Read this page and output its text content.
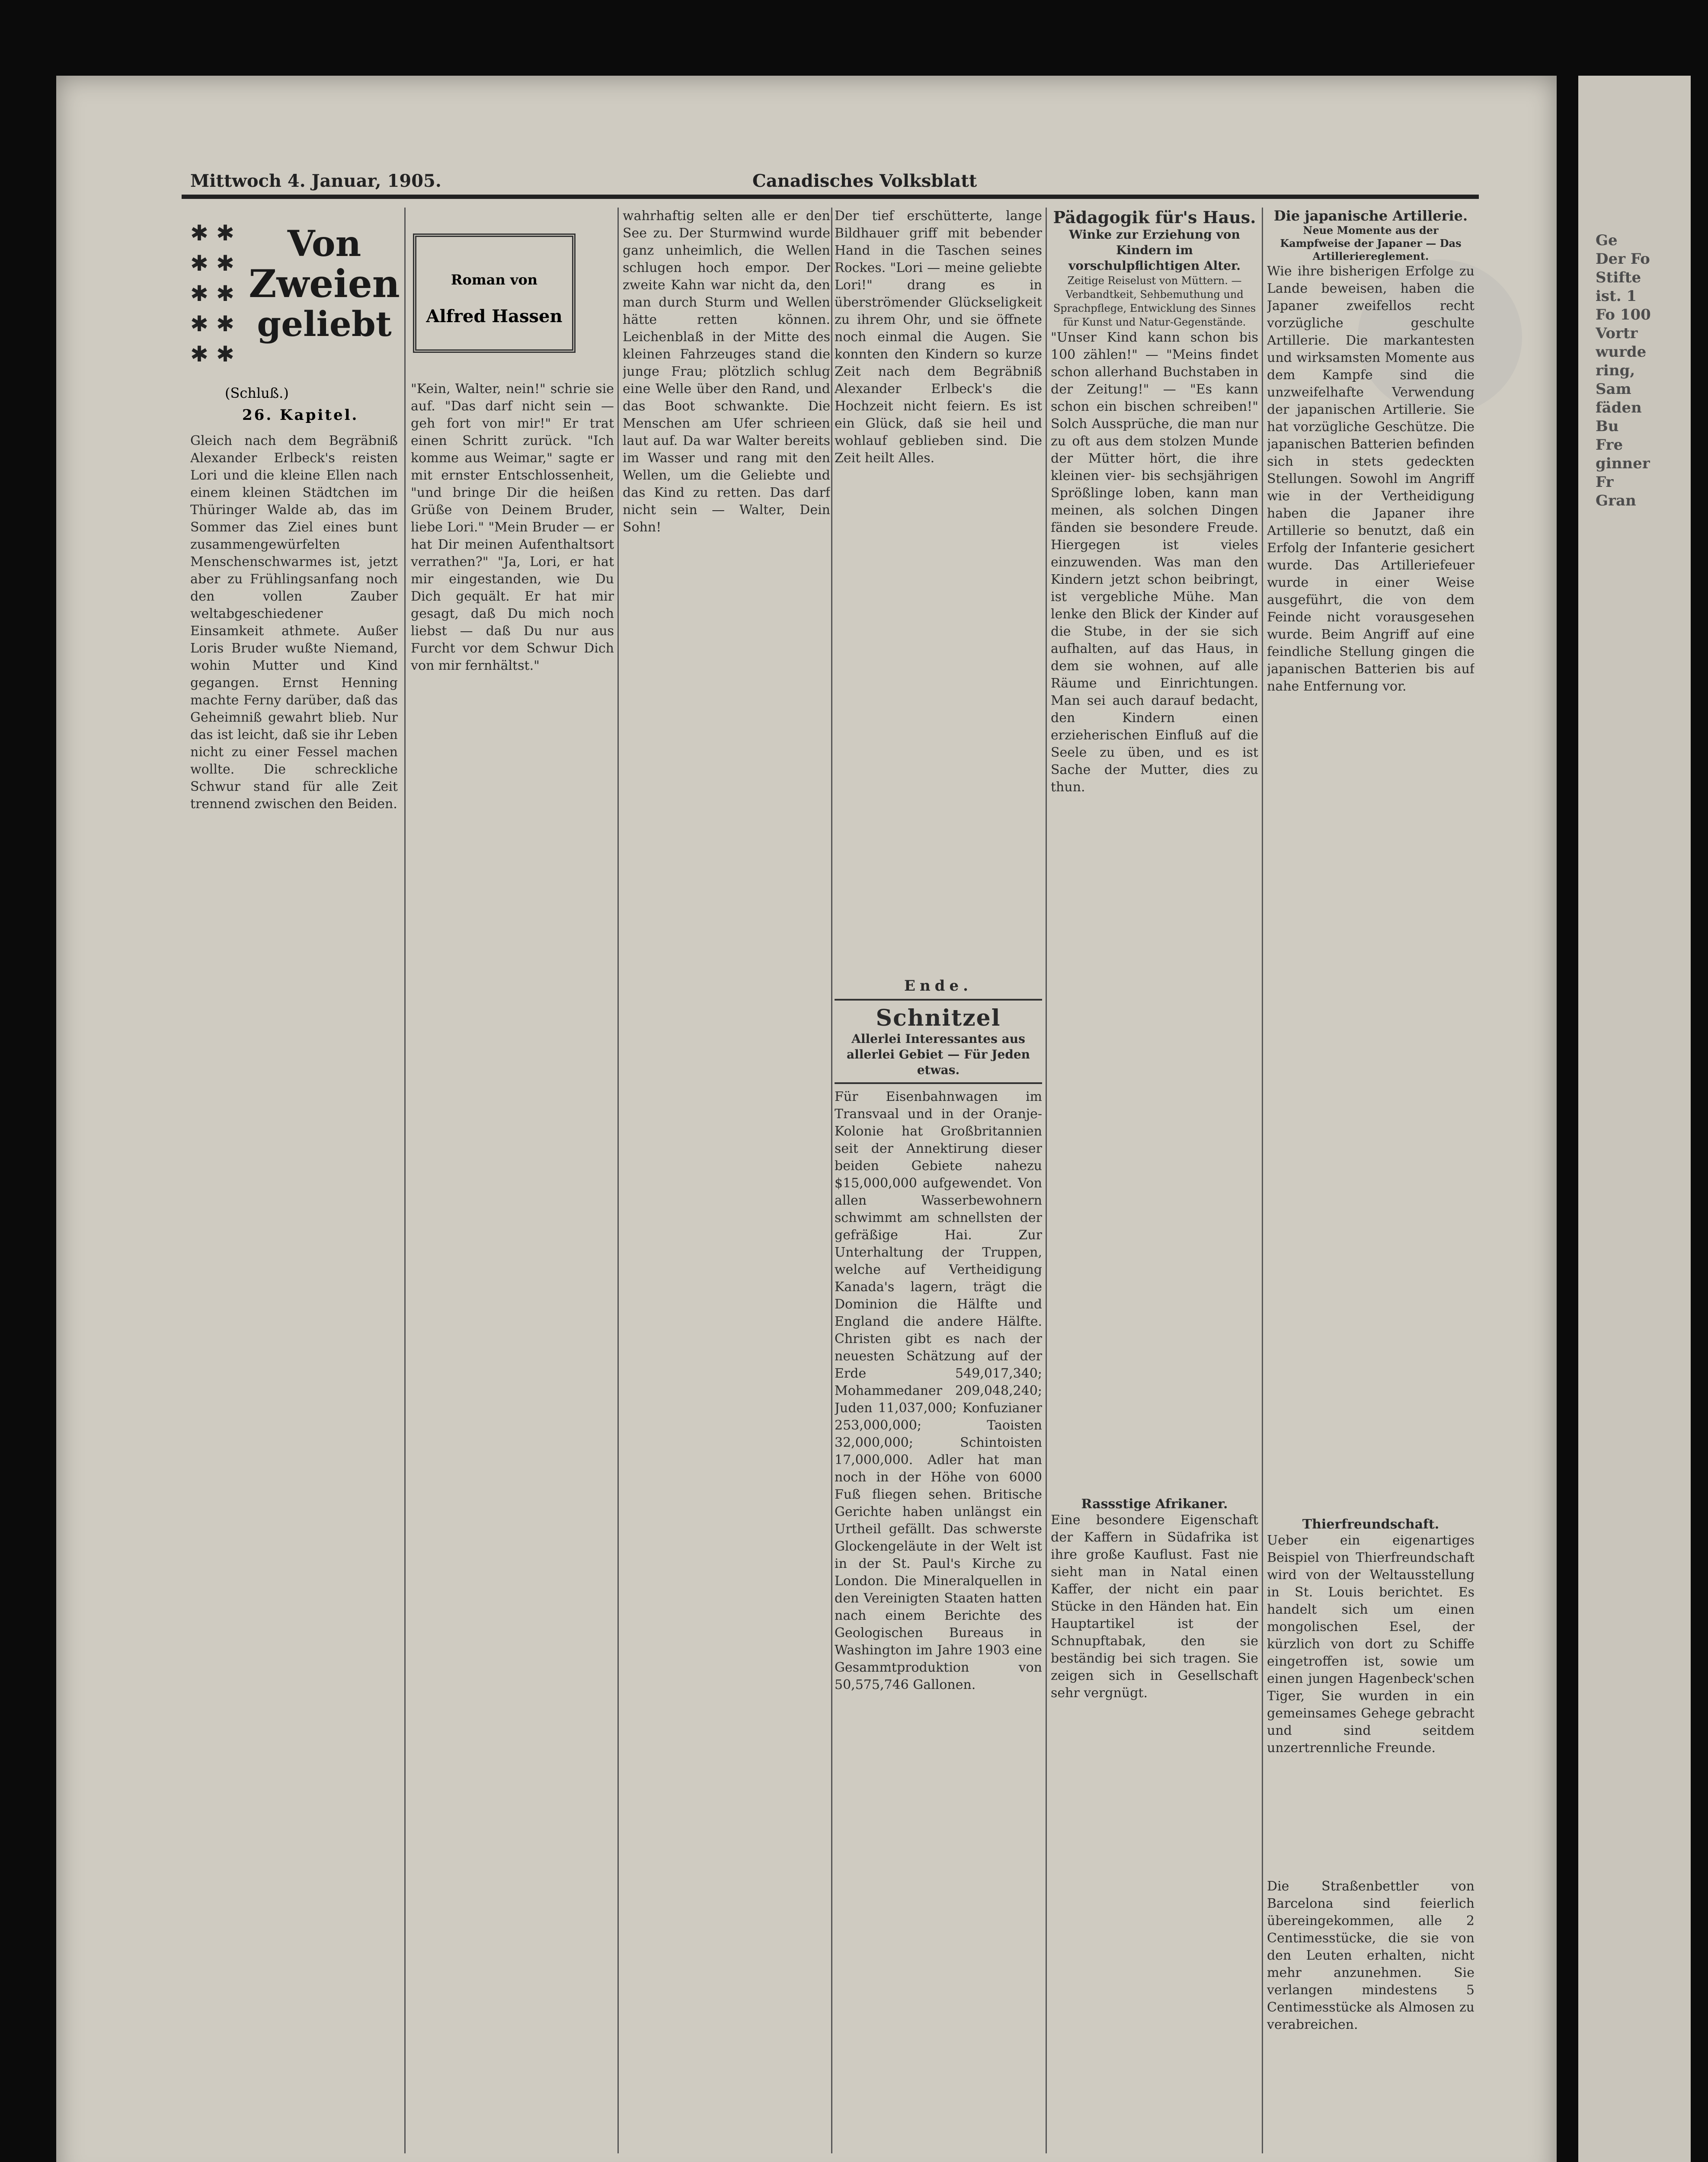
Ge
Der Fo
Stifte
ist. 1
Fo 100
Vortr
wurde
ring,
Sam
fäden
Bu
Fre
ginner
Fr
Gran
Mittwoch 4. Januar, 1905.	Canadisches Volksblatt
✱ ✱
✱ ✱
✱ ✱
✱ ✱
✱ ✱
Von
Zweien
geliebt
Roman von
Alfred Hassen
(Schluß.)
26. Kapitel.
Gleich nach dem Begräbniß Alexander Erlbeck's reisten Lori und die kleine Ellen nach einem kleinen Städtchen im Thüringer Walde ab, das im Sommer das Ziel eines bunt zusammengewürfelten Menschenschwarmes ist, jetzt aber zu Frühlingsanfang noch den vollen Zauber weltabgeschiedener Einsamkeit athmete. Außer Loris Bruder wußte Niemand, wohin Mutter und Kind gegangen. Ernst Henning machte Ferny darüber, daß das Geheimniß gewahrt blieb. Nur das ist leicht, daß sie ihr Leben nicht zu einer Fessel machen wollte. Die schreckliche Schwur stand für alle Zeit trennend zwischen den Beiden.
"Kein, Walter, nein!" schrie sie auf. "Das darf nicht sein — geh fort von mir!" Er trat einen Schritt zurück. "Ich komme aus Weimar," sagte er mit ernster Entschlossenheit, "und bringe Dir die heißen Grüße von Deinem Bruder, liebe Lori." "Mein Bruder — er hat Dir meinen Aufenthaltsort verrathen?" "Ja, Lori, er hat mir eingestanden, wie Du Dich gequält. Er hat mir gesagt, daß Du mich noch liebst — daß Du nur aus Furcht vor dem Schwur Dich von mir fernhältst."
wahrhaftig selten alle er den See zu. Der Sturmwind wurde ganz unheimlich, die Wellen schlugen hoch empor. Der zweite Kahn war nicht da, den man durch Sturm und Wellen hätte retten können. Leichenblaß in der Mitte des kleinen Fahrzeuges stand die junge Frau; plötzlich schlug eine Welle über den Rand, und das Boot schwankte. Die Menschen am Ufer schrieen laut auf. Da war Walter bereits im Wasser und rang mit den Wellen, um die Geliebte und das Kind zu retten. Das darf nicht sein — Walter, Dein Sohn!
Der tief erschütterte, lange Bildhauer griff mit bebender Hand in die Taschen seines Rockes. "Lori — meine geliebte Lori!" drang es in überströmender Glückseligkeit zu ihrem Ohr, und sie öffnete noch einmal die Augen. Sie konnten den Kindern so kurze Zeit nach dem Begräbniß Alexander Erlbeck's die Hochzeit nicht feiern. Es ist ein Glück, daß sie heil und wohlauf geblieben sind. Die Zeit heilt Alles.
Ende.
Schnitzel
Allerlei Interessantes aus allerlei Gebiet — Für Jeden etwas.
Für Eisenbahnwagen im Transvaal und in der Oranje-Kolonie hat Großbritannien seit der Annektirung dieser beiden Gebiete nahezu $15,000,000 aufgewendet. Von allen Wasserbewohnern schwimmt am schnellsten der gefräßige Hai. Zur Unterhaltung der Truppen, welche auf Vertheidigung Kanada's lagern, trägt die Dominion die Hälfte und England die andere Hälfte. Christen gibt es nach der neuesten Schätzung auf der Erde 549,017,340; Mohammedaner 209,048,240; Juden 11,037,000; Konfuzianer 253,000,000; Taoisten 32,000,000; Schintoisten 17,000,000. Adler hat man noch in der Höhe von 6000 Fuß fliegen sehen. Britische Gerichte haben unlängst ein Urtheil gefällt. Das schwerste Glockengeläute in der Welt ist in der St. Paul's Kirche zu London. Die Mineralquellen in den Vereinigten Staaten hatten nach einem Berichte des Geologischen Bureaus in Washington im Jahre 1903 eine Gesammtproduktion von 50,575,746 Gallonen.
Pädagogik für's Haus.
Winke zur Erziehung von Kindern im vorschulpflichtigen Alter.
Zeitige Reiselust von Müttern. — Verbandtkeit, Sehbemuthung und Sprachpflege, Entwicklung des Sinnes für Kunst und Natur-Gegenstände.
"Unser Kind kann schon bis 100 zählen!" — "Meins findet schon allerhand Buchstaben in der Zeitung!" — "Es kann schon ein bischen schreiben!" Solch Aussprüche, die man nur zu oft aus dem stolzen Munde der Mütter hört, die ihre kleinen vier- bis sechsjährigen Sprößlinge loben, kann man meinen, als solchen Dingen fänden sie besondere Freude. Hiergegen ist vieles einzuwenden. Was man den Kindern jetzt schon beibringt, ist vergebliche Mühe. Man lenke den Blick der Kinder auf die Stube, in der sie sich aufhalten, auf das Haus, in dem sie wohnen, auf alle Räume und Einrichtungen. Man sei auch darauf bedacht, den Kindern einen erzieherischen Einfluß auf die Seele zu üben, und es ist Sache der Mutter, dies zu thun.
Rassstige Afrikaner.
Eine besondere Eigenschaft der Kaffern in Südafrika ist ihre große Kauflust. Fast nie sieht man in Natal einen Kaffer, der nicht ein paar Stücke in den Händen hat. Ein Hauptartikel ist der Schnupftabak, den sie beständig bei sich tragen. Sie zeigen sich in Gesellschaft sehr vergnügt.
Die japanische Artillerie.
Neue Momente aus der Kampfweise der Japaner — Das Artilleriereglement.
Wie ihre bisherigen Erfolge zu Lande beweisen, haben die Japaner zweifellos recht vorzügliche geschulte Artillerie. Die markantesten und wirksamsten Momente aus dem Kampfe sind die unzweifelhafte Verwendung der japanischen Artillerie. Sie hat vorzügliche Geschütze. Die japanischen Batterien befinden sich in stets gedeckten Stellungen. Sowohl im Angriff wie in der Vertheidigung haben die Japaner ihre Artillerie so benutzt, daß ein Erfolg der Infanterie gesichert wurde. Das Artilleriefeuer wurde in einer Weise ausgeführt, die von dem Feinde nicht vorausgesehen wurde. Beim Angriff auf eine feindliche Stellung gingen die japanischen Batterien bis auf nahe Entfernung vor.
Thierfreundschaft.
Ueber ein eigenartiges Beispiel von Thierfreundschaft wird von der Weltausstellung in St. Louis berichtet. Es handelt sich um einen mongolischen Esel, der kürzlich von dort zu Schiffe eingetroffen ist, sowie um einen jungen Hagenbeck'schen Tiger, Sie wurden in ein gemeinsames Gehege gebracht und sind seitdem unzertrennliche Freunde.
Die Straßenbettler von Barcelona sind feierlich übereingekommen, alle 2 Centimesstücke, die sie von den Leuten erhalten, nicht mehr anzunehmen. Sie verlangen mindestens 5 Centimesstücke als Almosen zu verabreichen.
